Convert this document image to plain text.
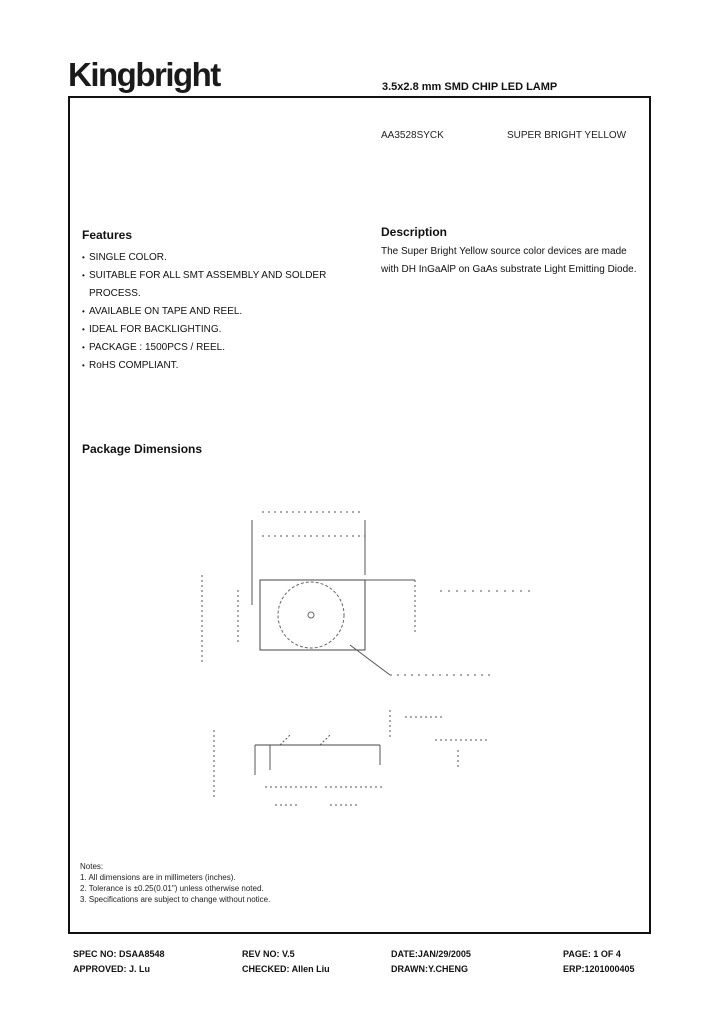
Kingbright	3.5x2.8 mm SMD CHIP LED LAMP
AA3528SYCK	SUPER BRIGHT YELLOW
Features
• SINGLE COLOR.
• SUITABLE FOR ALL SMT ASSEMBLY AND SOLDER
PROCESS.
• AVAILABLE ON TAPE AND REEL.
• IDEAL FOR BACKLIGHTING.
• PACKAGE : 1500PCS / REEL.
• RoHS COMPLIANT.
Description
The Super Bright Yellow source color devices are made
with DH InGaAlP on GaAs substrate Light Emitting Diode.
Package Dimensions
Notes:
1. All dimensions are in millimeters (inches).
2. Tolerance is ±0.25(0.01") unless otherwise noted.
3. Specifications are subject to change without notice.
SPEC NO: DSAA8548	REV NO: V.5	DATE:JAN/29/2005	PAGE: 1 OF 4
APPROVED: J. Lu	CHECKED: Allen Liu	DRAWN:Y.CHENG	ERP:1201000405
